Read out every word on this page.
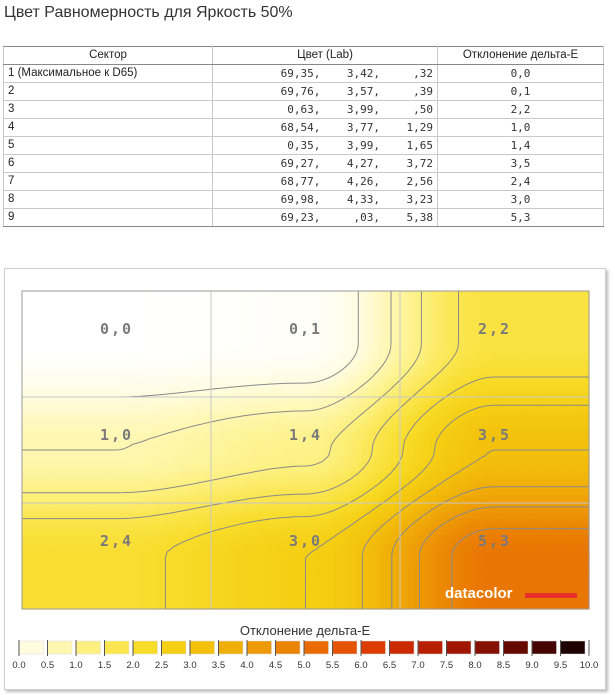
Цвет Равномерность для Яркость 50%
Сектор	Цвет (Lab)	Отклонение дельта-E
1 (Максимальное к D65)	69,35,    3,42,     ,32	0,0
2	69,76,    3,57,     ,39	0,1
3	0,63,    3,99,     ,50	2,2
4	68,54,    3,77,    1,29	1,0
5	0,35,    3,99,    1,65	1,4
6	69,27,    4,27,    3,72	3,5
7	68,77,    4,26,    2,56	2,4
8	69,98,    4,33,    3,23	3,0
9	69,23,     ,03,    5,38	5,3
0,0	0,1	2,2
1,0	1,4	3,5
2,4	3,0	5,3
datacolor
Отклонение дельта-E
0.0 0.5 1.0 1.5 2.0 2.5 3.0 3.5 4.0 4.5 5.0 5.5 6.0 6.5 7.0 7.5 8.0 8.5 9.0 9.5 10.0
